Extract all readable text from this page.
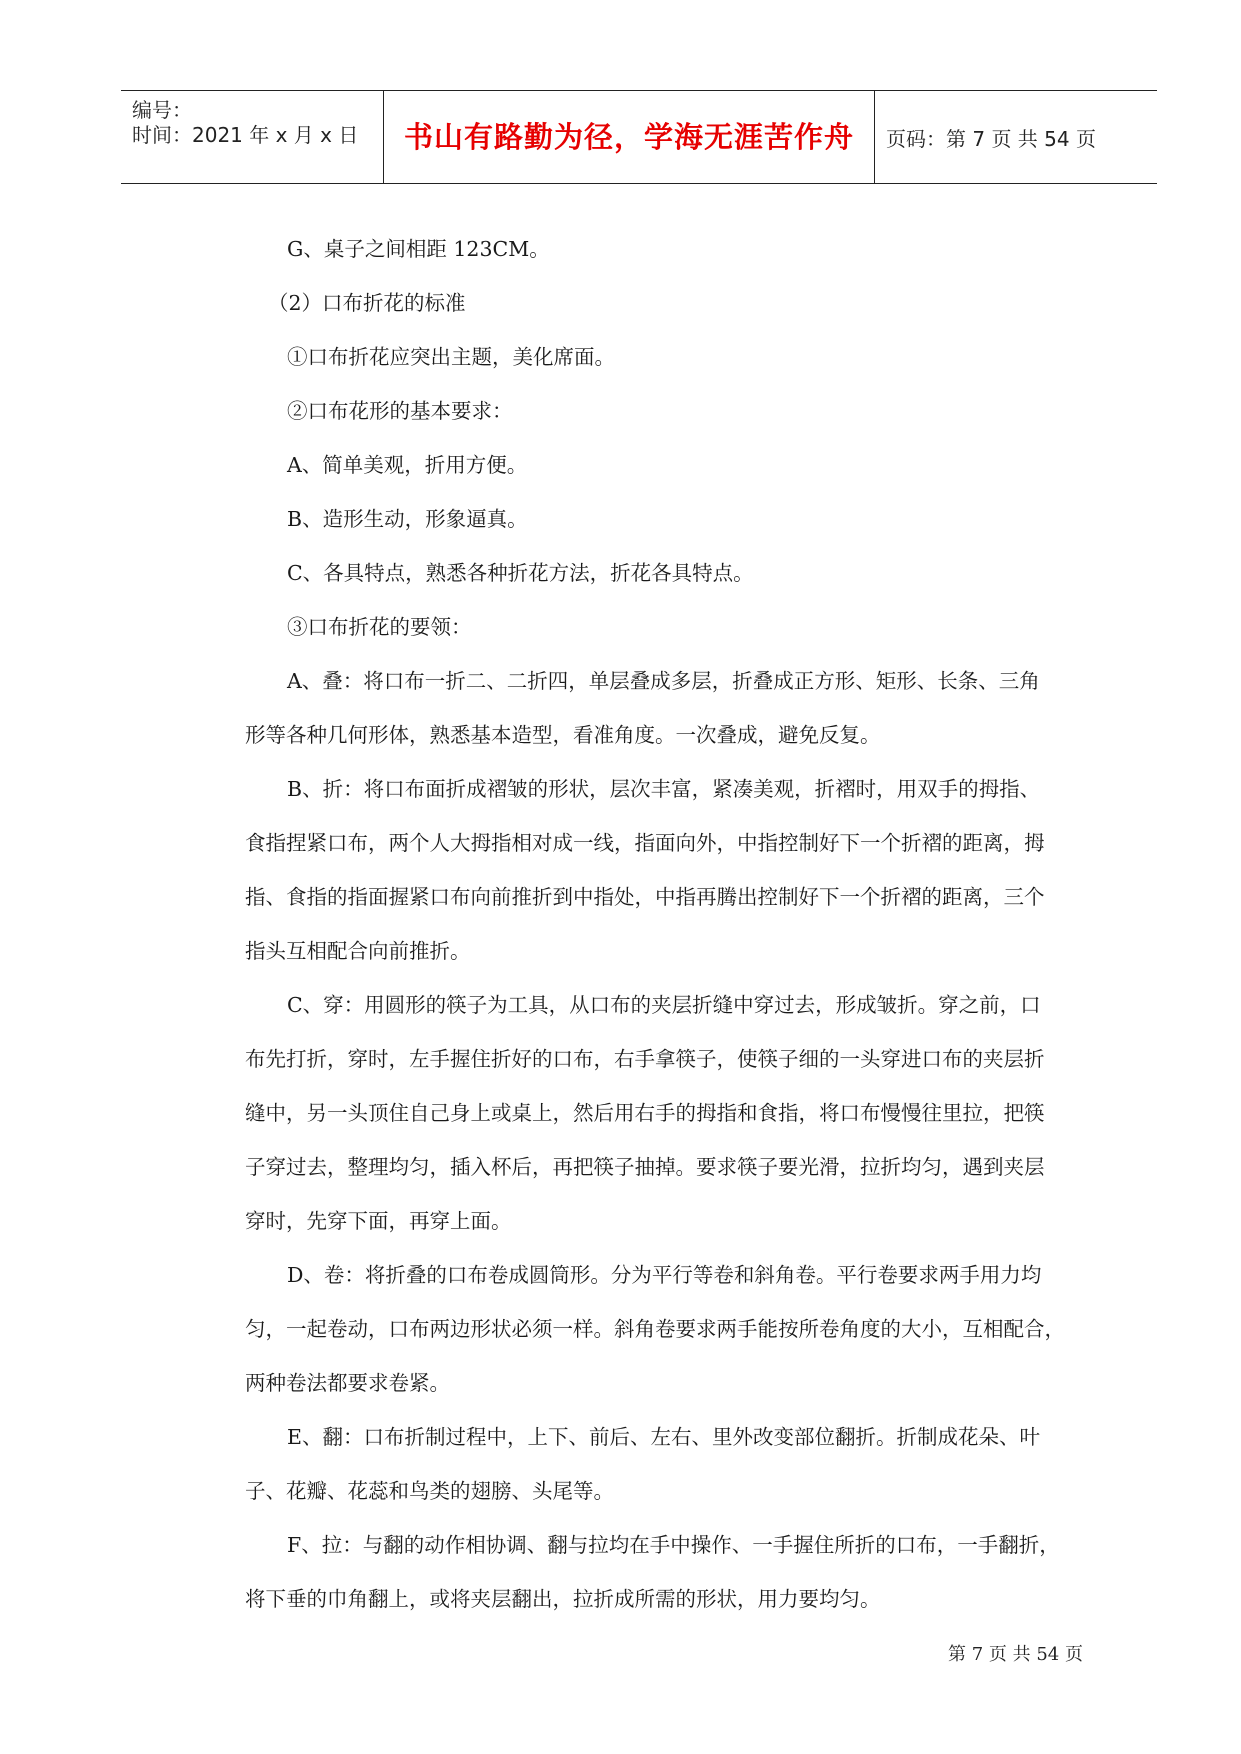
编号：
时间：2021 年 x 月 x 日	书山有路勤为径，学海无涯苦作舟	页码：第 7 页 共 54 页

G、桌子之间相距 123CM。

（2）口布折花的标准

①口布折花应突出主题，美化席面。

②口布花形的基本要求：

A、简单美观，折用方便。

B、造形生动，形象逼真。

C、各具特点，熟悉各种折花方法，折花各具特点。

③口布折花的要领：

A、叠：将口布一折二、二折四，单层叠成多层，折叠成正方形、矩形、长条、三角

形等各种几何形体，熟悉基本造型，看准角度。一次叠成，避免反复。

B、折：将口布面折成褶皱的形状，层次丰富，紧凑美观，折褶时，用双手的拇指、

食指捏紧口布，两个人大拇指相对成一线，指面向外，中指控制好下一个折褶的距离，拇

指、食指的指面握紧口布向前推折到中指处，中指再腾出控制好下一个折褶的距离，三个

指头互相配合向前推折。

C、穿：用圆形的筷子为工具，从口布的夹层折缝中穿过去，形成皱折。穿之前，口

布先打折，穿时，左手握住折好的口布，右手拿筷子，使筷子细的一头穿进口布的夹层折

缝中，另一头顶住自己身上或桌上，然后用右手的拇指和食指，将口布慢慢往里拉，把筷

子穿过去，整理均匀，插入杯后，再把筷子抽掉。要求筷子要光滑，拉折均匀，遇到夹层

穿时，先穿下面，再穿上面。

D、卷：将折叠的口布卷成圆筒形。分为平行等卷和斜角卷。平行卷要求两手用力均

匀，一起卷动，口布两边形状必须一样。斜角卷要求两手能按所卷角度的大小，互相配合，

两种卷法都要求卷紧。

E、翻：口布折制过程中，上下、前后、左右、里外改变部位翻折。折制成花朵、叶

子、花瓣、花蕊和鸟类的翅膀、头尾等。

F、拉：与翻的动作相协调、翻与拉均在手中操作、一手握住所折的口布，一手翻折，

将下垂的巾角翻上，或将夹层翻出，拉折成所需的形状，用力要均匀。

第 7 页 共 54 页
